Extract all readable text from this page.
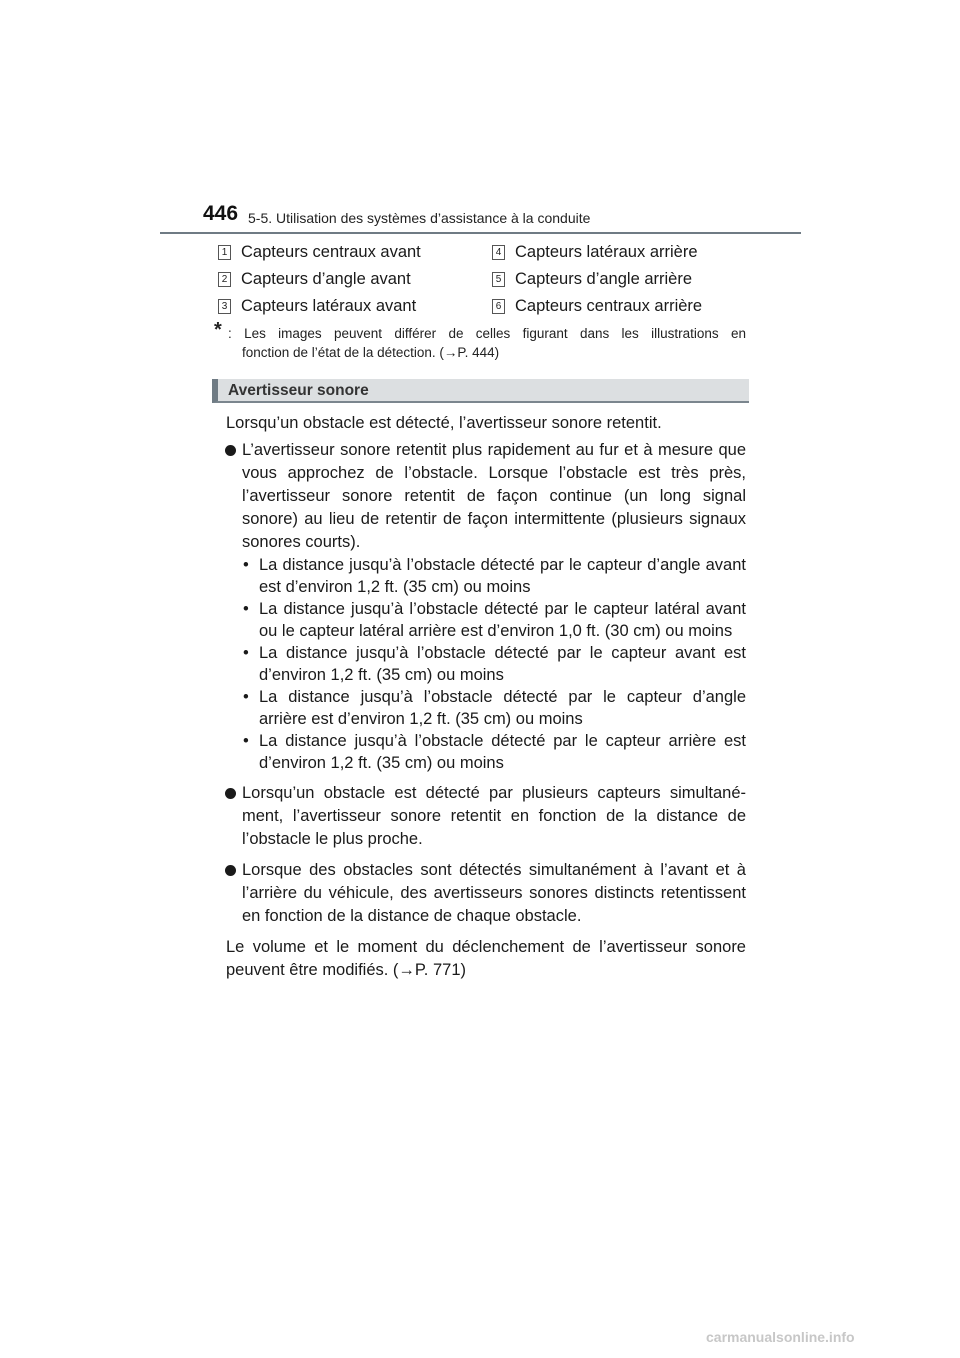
446 5-5. Utilisation des systèmes d’assistance à la conduite
1 Capteurs centraux avant
2 Capteurs d’angle avant
3 Capteurs latéraux avant
4 Capteurs latéraux arrière
5 Capteurs d’angle arrière
6 Capteurs centraux arrière
* : Les images peuvent différer de celles figurant dans les illustrations en
fonction de l’état de la détection. (→P. 444)
Avertisseur sonore

Lorsqu’un obstacle est détecté, l’avertisseur sonore retentit.

L’avertisseur sonore retentit plus rapidement au fur et à mesure que vous approchez de l’obstacle. Lorsque l’obstacle est très près, l’avertisseur sonore retentit de façon continue (un long signal sonore) au lieu de retentir de façon intermittente (plusieurs signaux sonores courts).
• La distance jusqu’à l’obstacle détecté par le capteur d’angle avant est d’environ 1,2 ft. (35 cm) ou moins
• La distance jusqu’à l’obstacle détecté par le capteur latéral avant ou le capteur latéral arrière est d’environ 1,0 ft. (30 cm) ou moins
• La distance jusqu’à l’obstacle détecté par le capteur avant est d’environ 1,2 ft. (35 cm) ou moins
• La distance jusqu’à l’obstacle détecté par le capteur d’angle arrière est d’environ 1,2 ft. (35 cm) ou moins
• La distance jusqu’à l’obstacle détecté par le capteur arrière est d’environ 1,2 ft. (35 cm) ou moins
Lorsqu’un obstacle est détecté par plusieurs capteurs simultané-ment, l’avertisseur sonore retentit en fonction de la distance de l’obstacle le plus proche.
Lorsque des obstacles sont détectés simultanément à l’avant et à l’arrière du véhicule, des avertisseurs sonores distincts retentissent en fonction de la distance de chaque obstacle.

Le volume et le moment du déclenchement de l’avertisseur sonore peuvent être modifiés. (→P. 771)

carmanualsonline.info
